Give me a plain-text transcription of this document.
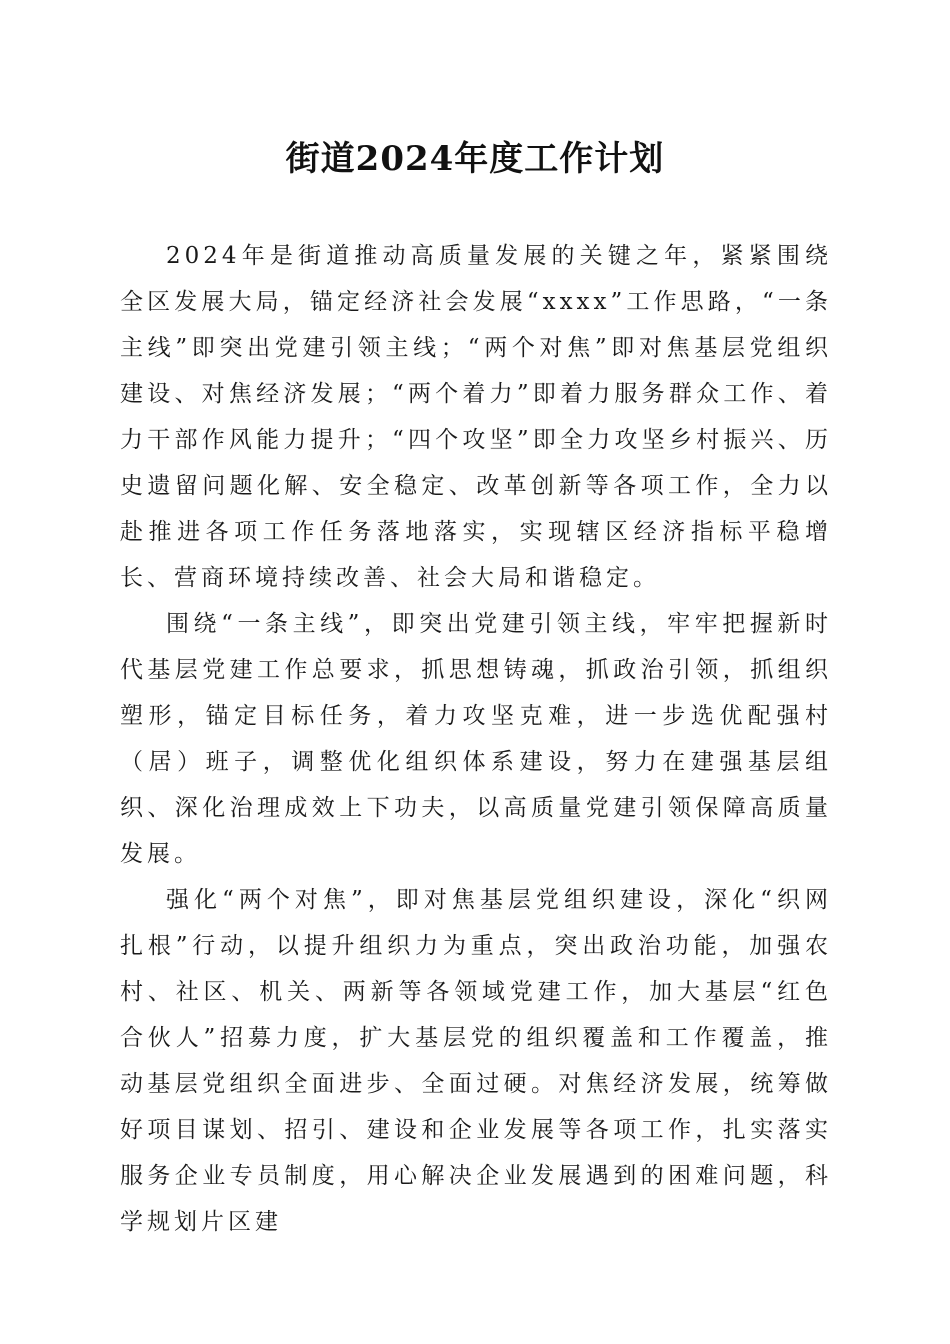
街道2024年度工作计划

2024年是街道推动高质量发展的关键之年，紧紧围绕全区发展大局，锚定经济社会发展“xxxx”工作思路，“一条主线”即突出党建引领主线；“两个对焦”即对焦基层党组织建设、对焦经济发展；“两个着力”即着力服务群众工作、着力干部作风能力提升；“四个攻坚”即全力攻坚乡村振兴、历史遗留问题化解、安全稳定、改革创新等各项工作，全力以赴推进各项工作任务落地落实，实现辖区经济指标平稳增长、营商环境持续改善、社会大局和谐稳定。

围绕“一条主线”，即突出党建引领主线，牢牢把握新时代基层党建工作总要求，抓思想铸魂，抓政治引领，抓组织塑形，锚定目标任务，着力攻坚克难，进一步选优配强村（居）班子，调整优化组织体系建设，努力在建强基层组织、深化治理成效上下功夫，以高质量党建引领保障高质量发展。

强化“两个对焦”，即对焦基层党组织建设，深化“织网扎根”行动，以提升组织力为重点，突出政治功能，加强农村、社区、机关、两新等各领域党建工作，加大基层“红色合伙人”招募力度，扩大基层党的组织覆盖和工作覆盖，推动基层党组织全面进步、全面过硬。对焦经济发展，统筹做好项目谋划、招引、建设和企业发展等各项工作，扎实落实服务企业专员制度，用心解决企业发展遇到的困难问题，科学规划片区建
